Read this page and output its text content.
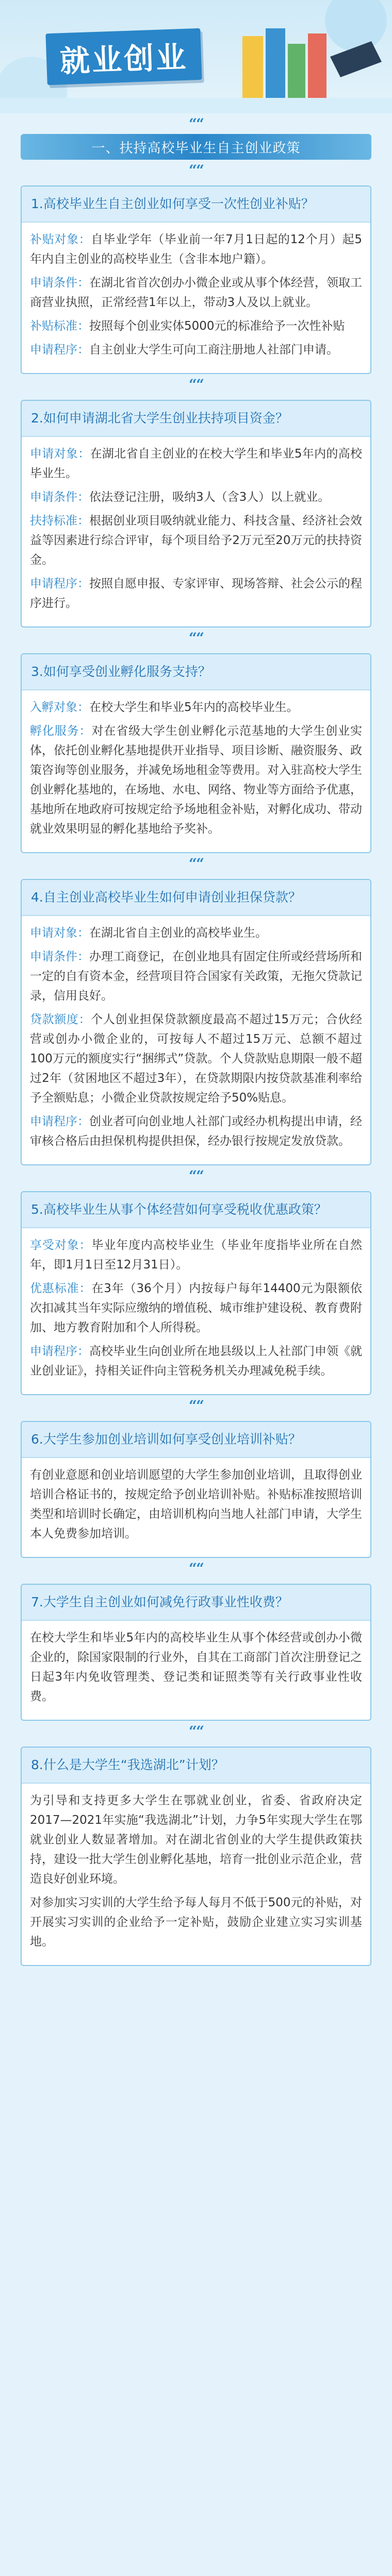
就业创业
“ “
一、扶持高校毕业生自主创业政策
“ “
1.高校毕业生自主创业如何享受一次性创业补贴？
补贴对象：自毕业学年（毕业前一年7月1日起的12个月）起5年内自主创业的高校毕业生（含非本地户籍）。
申请条件：在湖北省首次创办小微企业或从事个体经营，领取工商营业执照，正常经营1年以上，带动3人及以上就业。
补贴标准：按照每个创业实体5000元的标准给予一次性补贴
申请程序：自主创业大学生可向工商注册地人社部门申请。
“ “
2.如何申请湖北省大学生创业扶持项目资金？
申请对象：在湖北省自主创业的在校大学生和毕业5年内的高校毕业生。
申请条件：依法登记注册，吸纳3人（含3人）以上就业。
扶持标准：根据创业项目吸纳就业能力、科技含量、经济社会效益等因素进行综合评审，每个项目给予2万元至20万元的扶持资金。
申请程序：按照自愿申报、专家评审、现场答辩、社会公示的程序进行。
“ “
3.如何享受创业孵化服务支持？
入孵对象：在校大学生和毕业5年内的高校毕业生。
孵化服务：对在省级大学生创业孵化示范基地的大学生创业实体，依托创业孵化基地提供开业指导、项目诊断、融资服务、政策咨询等创业服务，并减免场地租金等费用。对入驻高校大学生创业孵化基地的，在场地、水电、网络、物业等方面给予优惠，基地所在地政府可按规定给予场地租金补贴，对孵化成功、带动就业效果明显的孵化基地给予奖补。
“ “
4.自主创业高校毕业生如何申请创业担保贷款？
申请对象：在湖北省自主创业的高校毕业生。
申请条件：办理工商登记，在创业地具有固定住所或经营场所和一定的自有资本金，经营项目符合国家有关政策，无拖欠贷款记录，信用良好。
贷款额度：个人创业担保贷款额度最高不超过15万元；合伙经营或创办小微企业的，可按每人不超过15万元、总额不超过100万元的额度实行“捆绑式”贷款。个人贷款贴息期限一般不超过2年（贫困地区不超过3年），在贷款期限内按贷款基准利率给予全额贴息；小微企业贷款按规定给予50%贴息。
申请程序：创业者可向创业地人社部门或经办机构提出申请，经审核合格后由担保机构提供担保，经办银行按规定发放贷款。
“ “
5.高校毕业生从事个体经营如何享受税收优惠政策？
享受对象：毕业年度内高校毕业生（毕业年度指毕业所在自然年，即1月1日至12月31日）。
优惠标准：在3年（36个月）内按每户每年14400元为限额依次扣减其当年实际应缴纳的增值税、城市维护建设税、教育费附加、地方教育附加和个人所得税。
申请程序：高校毕业生向创业所在地县级以上人社部门申领《就业创业证》，持相关证件向主管税务机关办理减免税手续。
“ “
6.大学生参加创业培训如何享受创业培训补贴？
有创业意愿和创业培训愿望的大学生参加创业培训，且取得创业培训合格证书的，按规定给予创业培训补贴。补贴标准按照培训类型和培训时长确定，由培训机构向当地人社部门申请，大学生本人免费参加培训。
“ “
7.大学生自主创业如何减免行政事业性收费？
在校大学生和毕业5年内的高校毕业生从事个体经营或创办小微企业的，除国家限制的行业外，自其在工商部门首次注册登记之日起3年内免收管理类、登记类和证照类等有关行政事业性收费。
“ “
8.什么是大学生“我选湖北”计划？
为引导和支持更多大学生在鄂就业创业，省委、省政府决定2017—2021年实施“我选湖北”计划，力争5年实现大学生在鄂就业创业人数显著增加。对在湖北省创业的大学生提供政策扶持，建设一批大学生创业孵化基地，培育一批创业示范企业，营造良好创业环境。
对参加实习实训的大学生给予每人每月不低于500元的补贴，对开展实习实训的企业给予一定补贴，鼓励企业建立实习实训基地。
